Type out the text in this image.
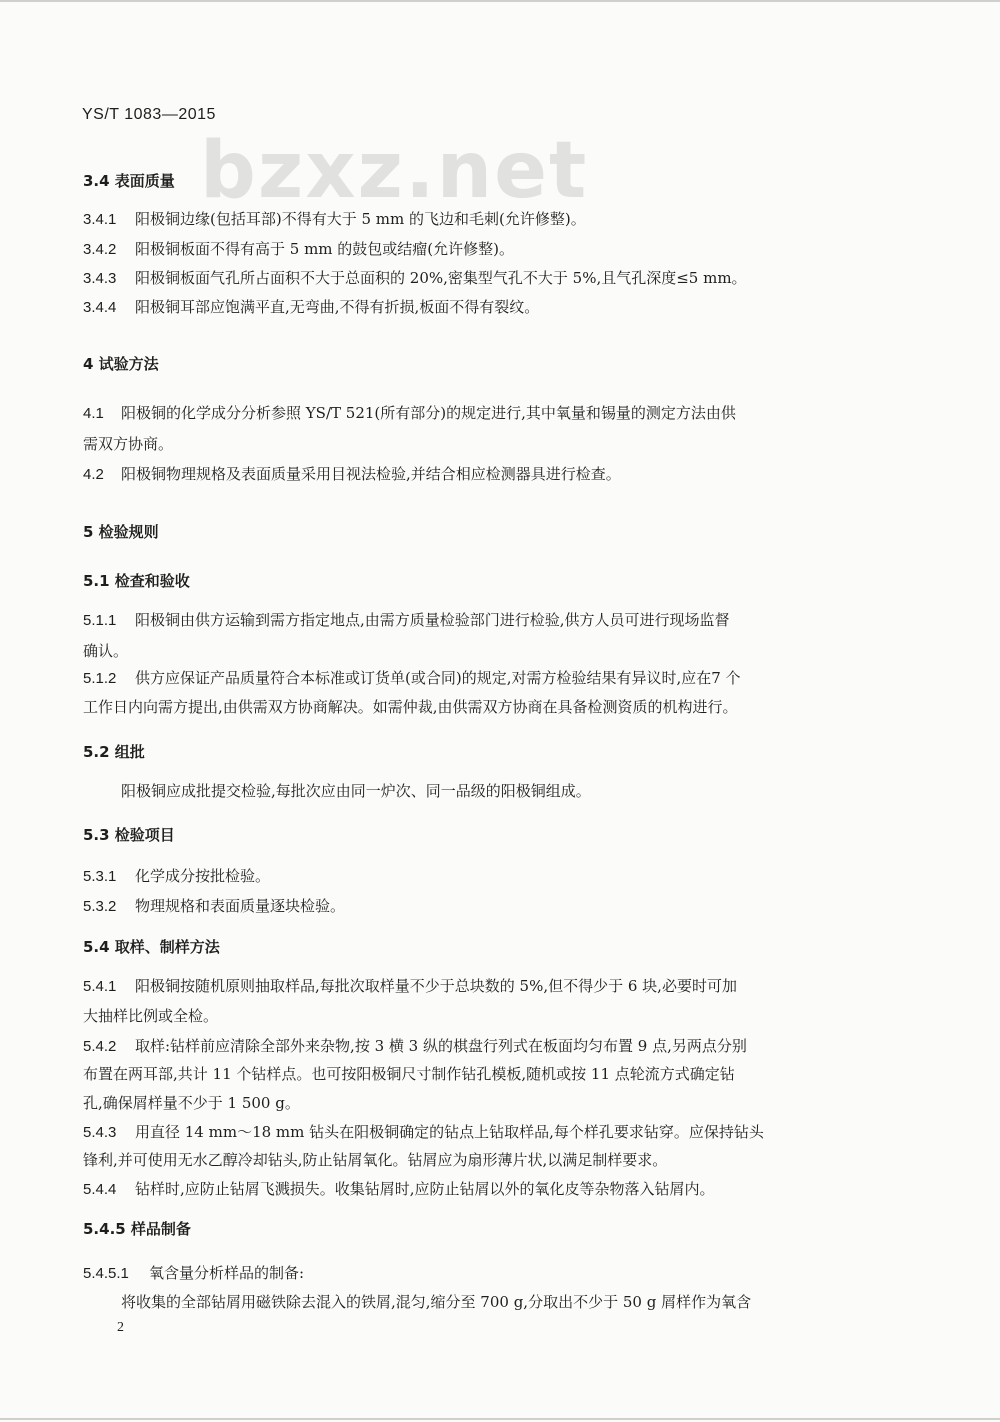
YS/T 1083—2015
bzxz.net
3.4 表面质量
3.4.1 阳极铜边缘(包括耳部)不得有大于 5 mm 的飞边和毛刺(允许修整)。
3.4.2 阳极铜板面不得有高于 5 mm 的鼓包或结瘤(允许修整)。
3.4.3 阳极铜板面气孔所占面积不大于总面积的 20%,密集型气孔不大于 5%,且气孔深度≤5 mm。
3.4.4 阳极铜耳部应饱满平直,无弯曲,不得有折损,板面不得有裂纹。
4 试验方法
4.1 阳极铜的化学成分分析参照 YS/T 521(所有部分)的规定进行,其中氧量和锡量的测定方法由供
需双方协商。
4.2 阳极铜物理规格及表面质量采用目视法检验,并结合相应检测器具进行检查。
5 检验规则
5.1 检查和验收
5.1.1 阳极铜由供方运输到需方指定地点,由需方质量检验部门进行检验,供方人员可进行现场监督
确认。
5.1.2 供方应保证产品质量符合本标准或订货单(或合同)的规定,对需方检验结果有异议时,应在7 个
工作日内向需方提出,由供需双方协商解决。如需仲裁,由供需双方协商在具备检测资质的机构进行。
5.2 组批
阳极铜应成批提交检验,每批次应由同一炉次、同一品级的阳极铜组成。
5.3 检验项目
5.3.1 化学成分按批检验。
5.3.2 物理规格和表面质量逐块检验。
5.4 取样、制样方法
5.4.1 阳极铜按随机原则抽取样品,每批次取样量不少于总块数的 5%,但不得少于 6 块,必要时可加
大抽样比例或全检。
5.4.2 取样:钻样前应清除全部外来杂物,按 3 横 3 纵的棋盘行列式在板面均匀布置 9 点,另两点分别
布置在两耳部,共计 11 个钻样点。也可按阳极铜尺寸制作钻孔模板,随机或按 11 点轮流方式确定钻
孔,确保屑样量不少于 1 500 g。
5.4.3 用直径 14 mm～18 mm 钻头在阳极铜确定的钻点上钻取样品,每个样孔要求钻穿。应保持钻头
锋利,并可使用无水乙醇冷却钻头,防止钻屑氧化。钻屑应为扇形薄片状,以满足制样要求。
5.4.4 钻样时,应防止钻屑飞溅损失。收集钻屑时,应防止钻屑以外的氧化皮等杂物落入钻屑内。
5.4.5 样品制备
5.4.5.1 氧含量分析样品的制备:
将收集的全部钻屑用磁铁除去混入的铁屑,混匀,缩分至 700 g,分取出不少于 50 g 屑样作为氧含
2
